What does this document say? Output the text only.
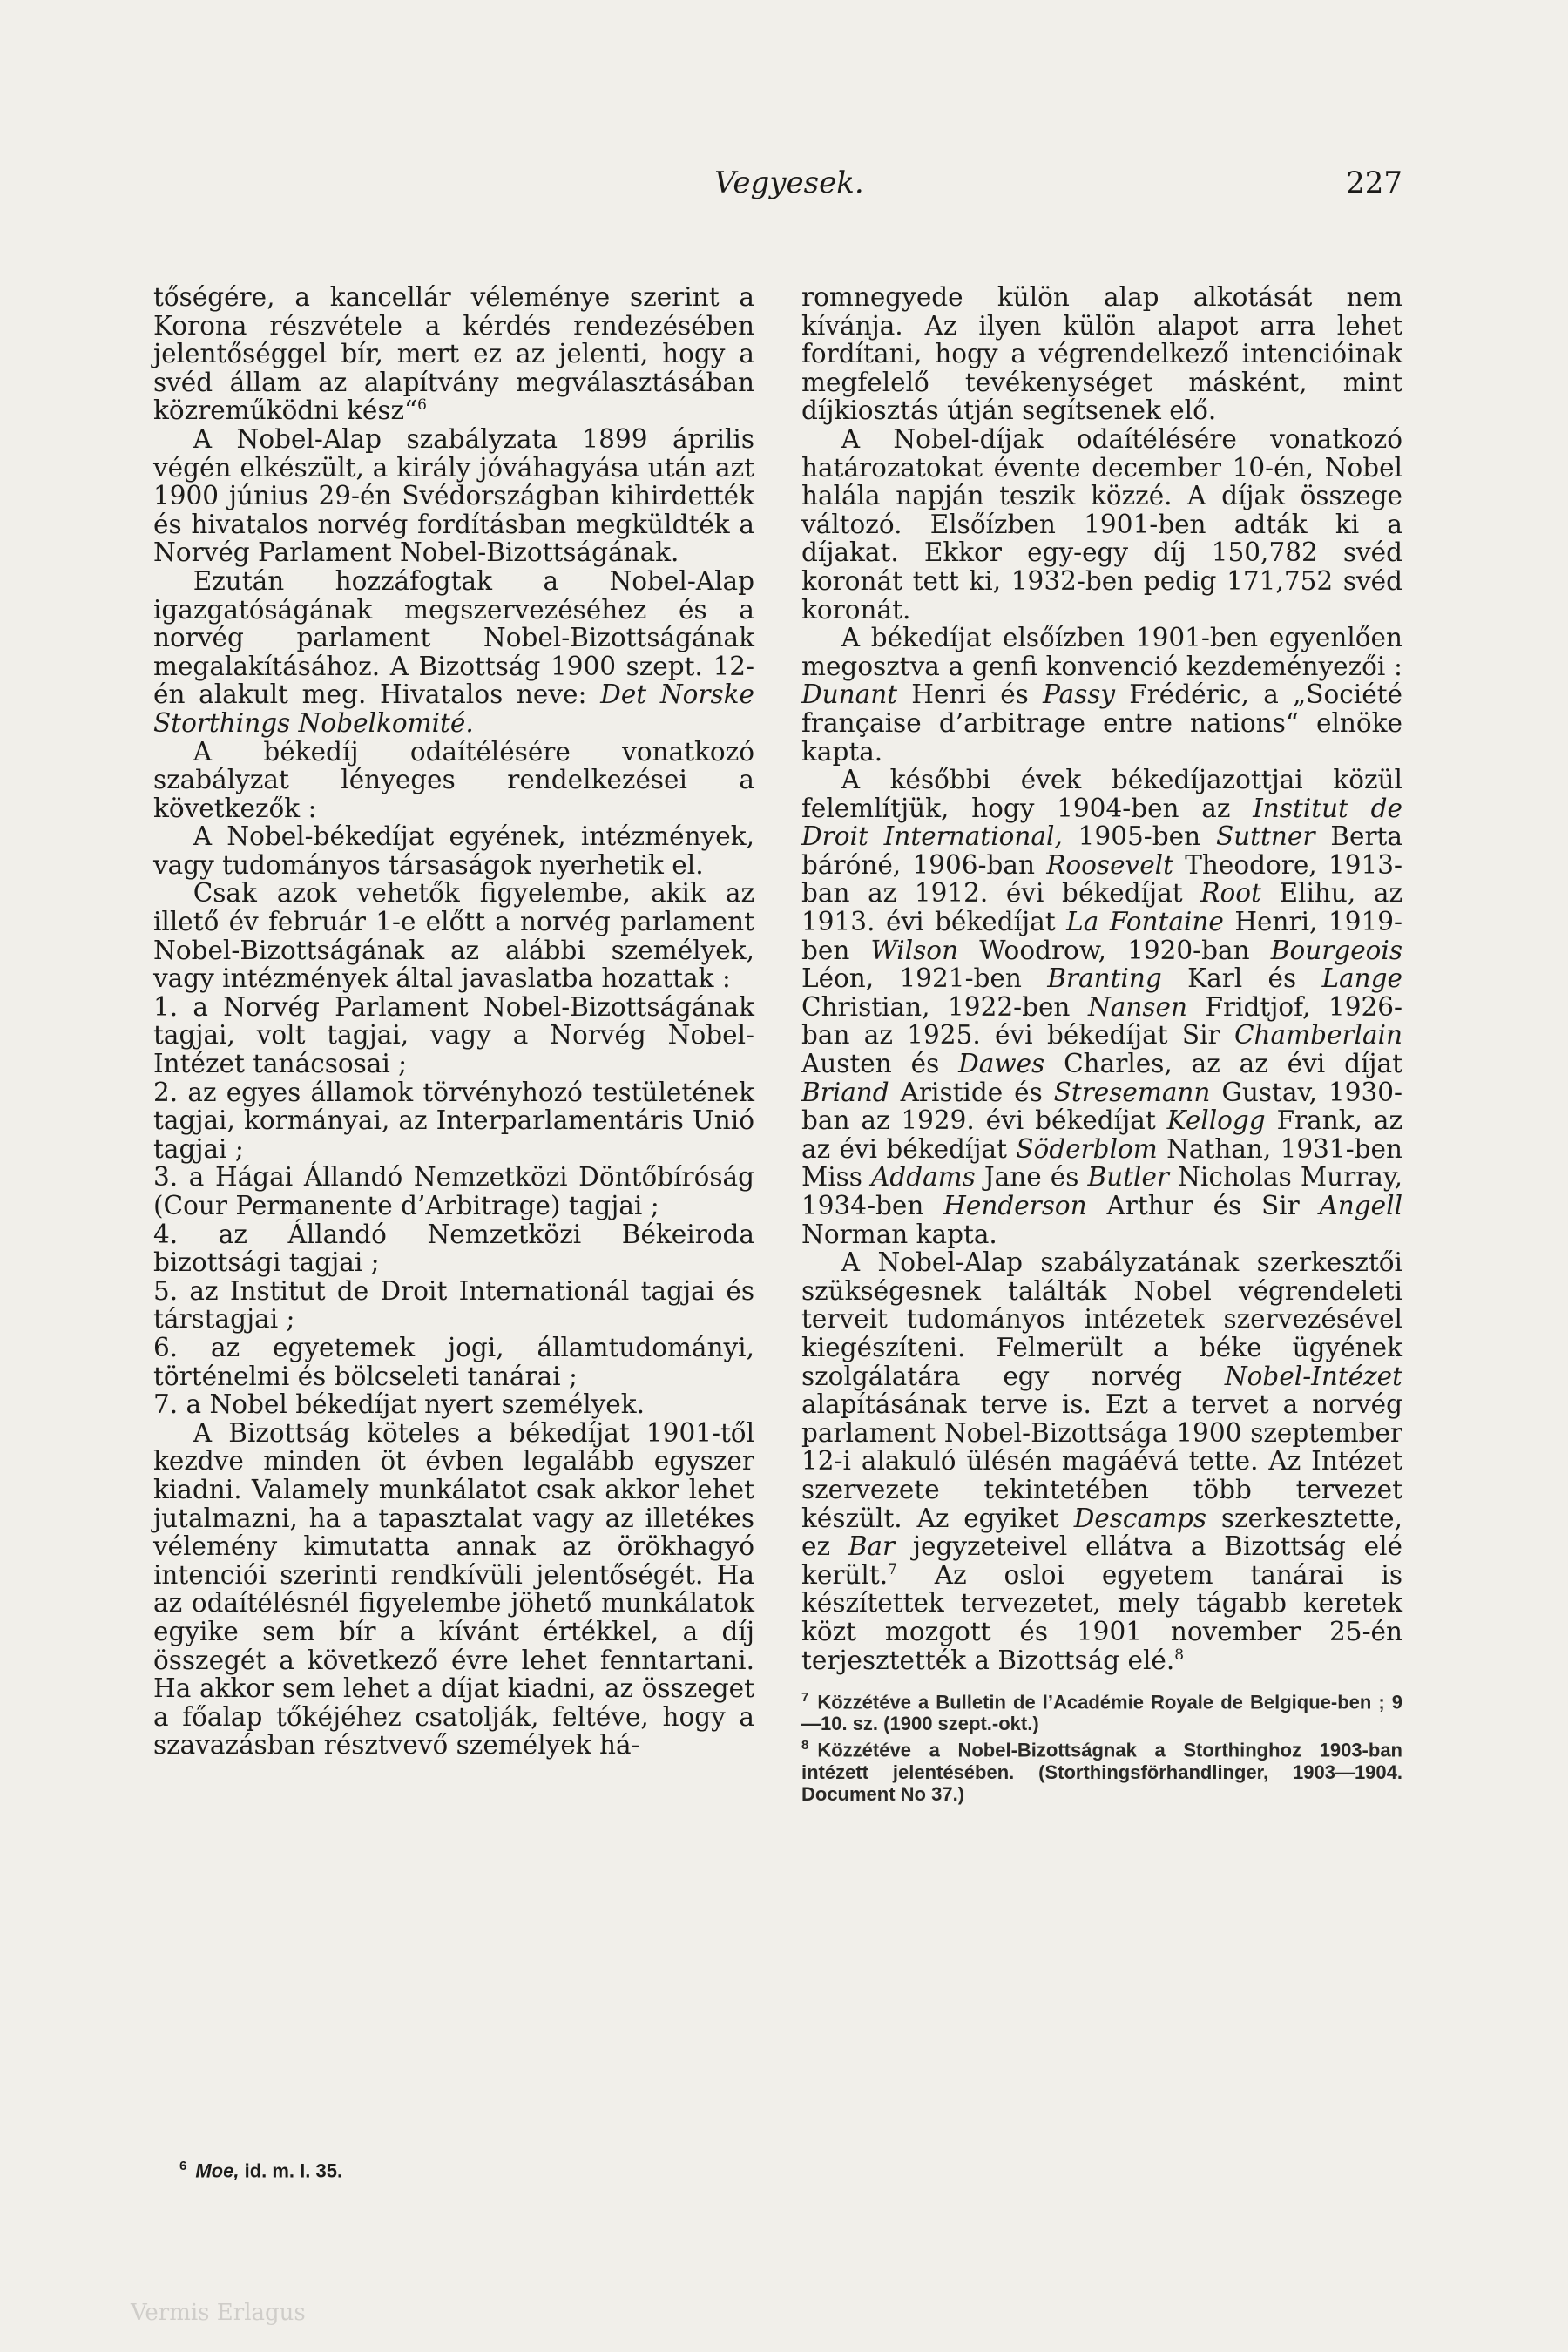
Vegyesek.	227

tőségére, a kancellár véleménye szerint a Korona részvétele a kérdés rendezésében jelentőséggel bír, mert ez az jelenti, hogy a svéd állam az alapítvány megválasztásában közreműködni kész“$^6$

A Nobel-Alap szabályzata 1899 április végén elkészült, a király jóváhagyása után azt 1900 június 29-én Svédországban kihirdették és hivatalos norvég fordításban megküldték a Norvég Parlament Nobel-Bizottságának.

Ezután hozzáfogtak a Nobel-Alap igazgatóságának megszervezéséhez és a norvég parlament Nobel-Bizottságának megalakításához. A Bizottság 1900 szept. 12-én alakult meg. Hivatalos neve: Det Norske Storthings Nobelkomité.

A békedíj odaítélésére vonatkozó szabályzat lényeges rendelkezései a következők :

A Nobel-békedíjat egyének, intézmények, vagy tudományos társaságok nyerhetik el.

Csak azok vehetők figyelembe, akik az illető év február 1-e előtt a norvég parlament Nobel-Bizottságának az alábbi személyek, vagy intézmények által javaslatba hozattak :

1. a Norvég Parlament Nobel-Bizottságának tagjai, volt tagjai, vagy a Norvég Nobel-Intézet tanácsosai ;

2. az egyes államok törvényhozó testületének tagjai, kormányai, az Interparlamentáris Unió tagjai ;

3. a Hágai Állandó Nemzetközi Döntőbíróság (Cour Permanente d’Arbitrage) tagjai ;

4. az Állandó Nemzetközi Békeiroda bizottsági tagjai ;

5. az Institut de Droit Internationál tagjai és társtagjai ;

6. az egyetemek jogi, államtudományi, történelmi és bölcseleti tanárai ;

7. a Nobel békedíjat nyert személyek.

A Bizottság köteles a békedíjat 1901-től kezdve minden öt évben legalább egyszer kiadni. Valamely munkálatot csak akkor lehet jutalmazni, ha a tapasztalat vagy az illetékes vélemény kimutatta annak az örökhagyó intenciói szerinti rendkívüli jelentőségét. Ha az odaítélésnél figyelembe jöhető munkálatok egyike sem bír a kívánt értékkel, a díj összegét a következő évre lehet fenntartani. Ha akkor sem lehet a díjat kiadni, az összeget a főalap tőkéjéhez csatolják, feltéve, hogy a szavazásban résztvevő személyek há-

$^6$ Moe, id. m. I. 35.

romnegyede külön alap alkotását nem kívánja. Az ilyen külön alapot arra lehet fordítani, hogy a végrendelkező intencióinak megfelelő tevékenységet másként, mint díjkiosztás útján segítsenek elő.

A Nobel-díjak odaítélésére vonatkozó határozatokat évente december 10-én, Nobel halála napján teszik közzé. A díjak összege változó. Elsőízben 1901-ben adták ki a díjakat. Ekkor egy-egy díj 150,782 svéd koronát tett ki, 1932-ben pedig 171,752 svéd koronát.

A békedíjat elsőízben 1901-ben egyenlően megosztva a genfi konvenció kezdeményezői : Dunant Henri és Passy Frédéric, a „Société française d’arbitrage entre nations“ elnöke kapta.

A későbbi évek békedíjazottjai közül felemlítjük, hogy 1904-ben az Institut de Droit International, 1905-ben Suttner Berta báróné, 1906-ban Roosevelt Theodore, 1913-ban az 1912. évi békedíjat Root Elihu, az 1913. évi békedíjat La Fontaine Henri, 1919-ben Wilson Woodrow, 1920-ban Bourgeois Léon, 1921-ben Branting Karl és Lange Christian, 1922-ben Nansen Fridtjof, 1926-ban az 1925. évi békedíjat Sir Chamberlain Austen és Dawes Charles, az az évi díjat Briand Aristide és Stresemann Gustav, 1930-ban az 1929. évi békedíjat Kellogg Frank, az az évi békedíjat Söderblom Nathan, 1931-ben Miss Addams Jane és Butler Nicholas Murray, 1934-ben Henderson Arthur és Sir Angell Norman kapta.

A Nobel-Alap szabályzatának szerkesztői szükségesnek találták Nobel végrendeleti terveit tudományos intézetek szervezésével kiegészíteni. Felmerült a béke ügyének szolgálatára egy norvég Nobel-Intézet alapításának terve is. Ezt a tervet a norvég parlament Nobel-Bizottsága 1900 szeptember 12-i alakuló ülésén magáévá tette. Az Intézet szervezete tekintetében több tervezet készült. Az egyiket Descamps szerkesztette, ez Bar jegyzeteivel ellátva a Bizottság elé került.$^7$ Az osloi egyetem tanárai is készítettek tervezetet, mely tágabb keretek közt mozgott és 1901 november 25-én terjesztették a Bizottság elé.$^8$

$^7$ Közzétéve a Bulletin de l’Académie Royale de Belgique-ben ; 9—10. sz. (1900 szept.-okt.)

$^8$ Közzétéve a Nobel-Bizottságnak a Storthinghoz 1903-ban intézett jelentésében. (Storthingsförhandlinger, 1903—1904. Document No 37.)

Vermis Erlagus
